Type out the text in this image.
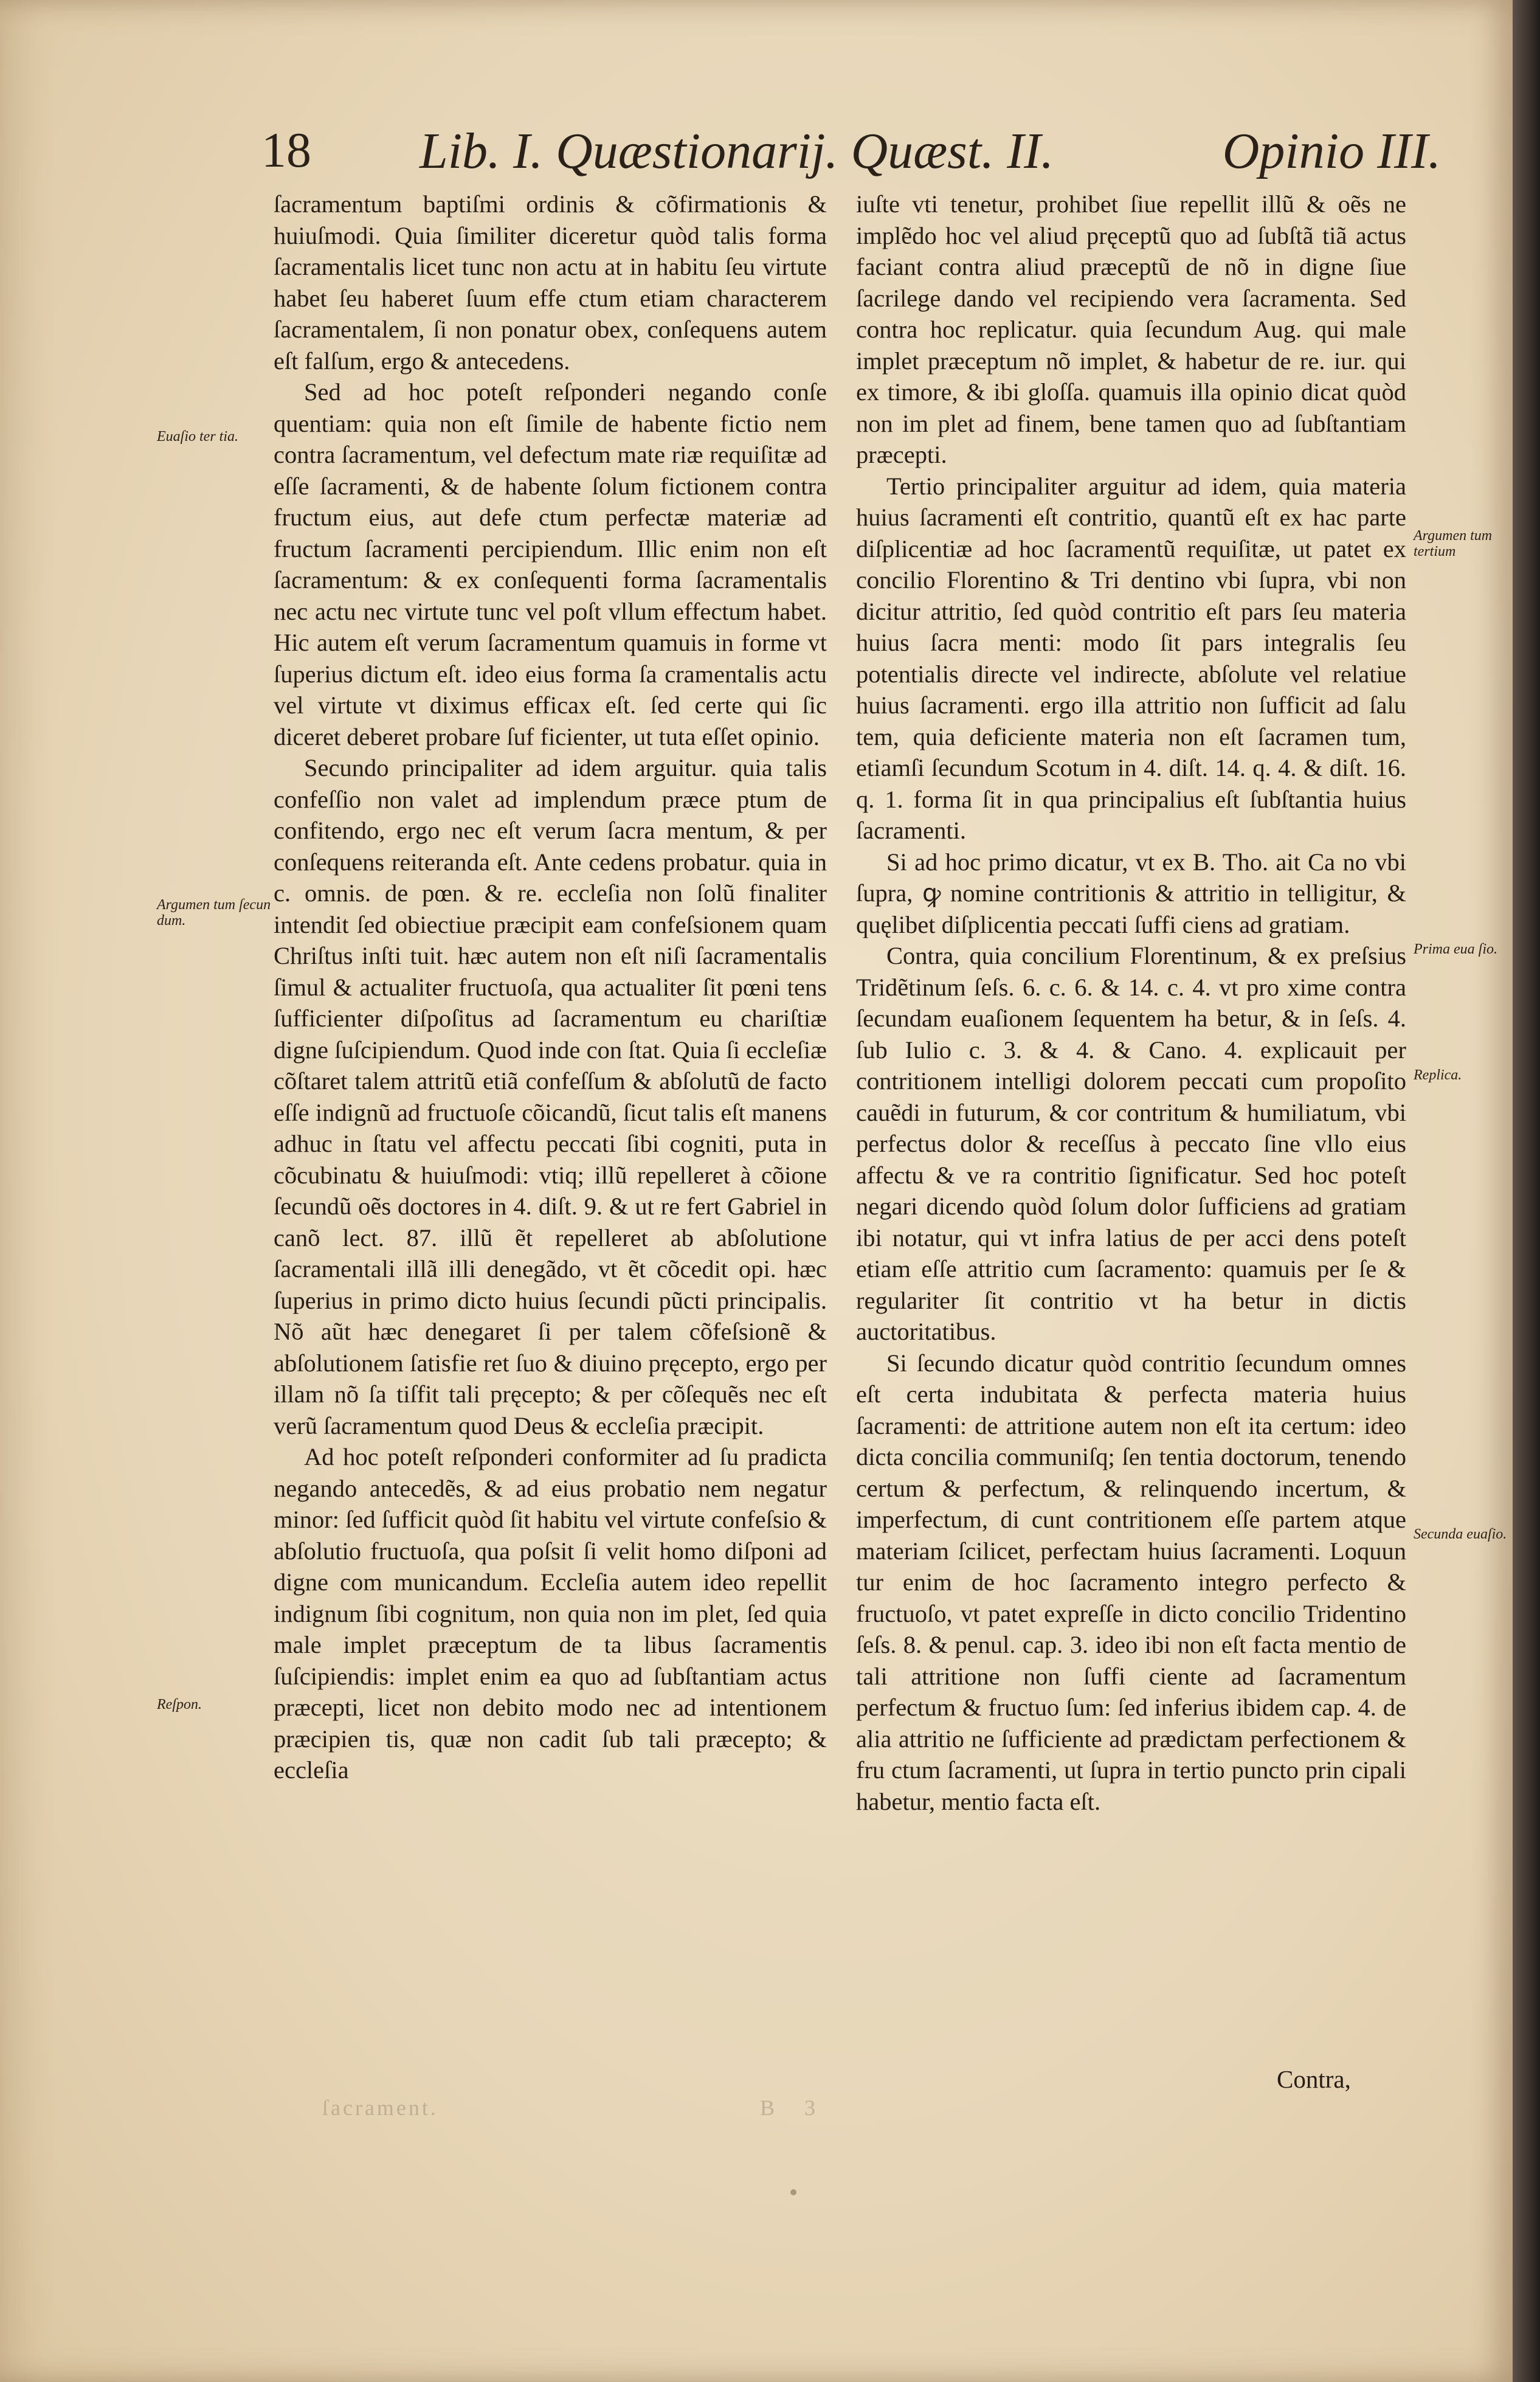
18 Lib. I. Quæstionarij. Quæst. II.	Opinio III.

ſacramentum baptiſmi ordinis & cõfirmationis & huiuſmodi. Quia ſimiliter diceretur quòd talis forma ſacramentalis licet tunc non actu at in habitu ſeu virtute habet ſeu haberet ſuum effe ctum etiam characterem ſacramentalem, ſi non ponatur obex, conſequens autem eſt falſum, ergo & antecedens.

Sed ad hoc poteſt reſponderi negando conſe quentiam: quia non eſt ſimile de habente fictio nem contra ſacramentum, vel defectum mate riæ requiſitæ ad eſſe ſacramenti, & de habente ſolum fictionem contra fructum eius, aut defe ctum perfectæ materiæ ad fructum ſacramenti percipiendum. Illic enim non eſt ſacramentum: & ex conſequenti forma ſacramentalis nec actu nec virtute tunc vel poſt vllum effectum habet. Hic autem eſt verum ſacramentum quamuis in forme vt ſuperius dictum eſt. ideo eius forma ſa cramentalis actu vel virtute vt diximus efficax eſt. ſed certe qui ſic diceret deberet probare ſuf ficienter, ut tuta eſſet opinio.

Secundo principaliter ad idem arguitur. quia talis confeſſio non valet ad implendum præce ptum de confitendo, ergo nec eſt verum ſacra mentum, & per conſequens reiteranda eſt. Ante cedens probatur. quia in c. omnis. de pœn. & re. eccleſia non ſolũ finaliter intendit ſed obiectiue præcipit eam confeſsionem quam Chriſtus inſti tuit. hæc autem non eſt niſi ſacramentalis ſimul & actualiter fructuoſa, qua actualiter ſit pœni tens ſufficienter diſpoſitus ad ſacramentum eu chariſtiæ digne ſuſcipiendum. Quod inde con ſtat. Quia ſi eccleſiæ cõſtaret talem attritũ etiã confeſſum & abſolutũ de facto eſſe indignũ ad fructuoſe cõicandũ, ſicut talis eſt manens adhuc in ſtatu vel affectu peccati ſibi cogniti, puta in cõcubinatu & huiuſmodi: vtiq; illũ repelleret à cõione ſecundũ oẽs doctores in 4. diſt. 9. & ut re fert Gabriel in canõ lect. 87. illũ ẽt repelleret ab abſolutione ſacramentali illã illi denegãdo, vt ẽt cõcedit opi. hæc ſuperius in primo dicto huius ſecundi pũcti principalis. Nõ aũt hæc denegaret ſi per talem cõfeſsionẽ & abſolutionem ſatisfie ret ſuo & diuino pręcepto, ergo per illam nõ ſa tiſfit tali pręcepto; & per cõſequẽs nec eſt verũ ſacramentum quod Deus & eccleſia præcipit.

Ad hoc poteſt reſponderi conformiter ad ſu pradicta negando antecedẽs, & ad eius probatio nem negatur minor: ſed ſufficit quòd ſit habitu vel virtute confeſsio & abſolutio fructuoſa, qua poſsit ſi velit homo diſponi ad digne com municandum. Eccleſia autem ideo repellit indignum ſibi cognitum, non quia non im plet, ſed quia male implet præceptum de ta libus ſacramentis ſuſcipiendis: implet enim ea quo ad ſubſtantiam actus præcepti, licet non debito modo nec ad intentionem præcipien tis, quæ non cadit ſub tali præcepto; & eccleſia

iuſte vti tenetur, prohibet ſiue repellit illũ & oẽs ne implẽdo hoc vel aliud pręceptũ quo ad ſubſtã tiã actus faciant contra aliud præceptũ de nõ in digne ſiue ſacrilege dando vel recipiendo vera ſacramenta. Sed contra hoc replicatur. quia ſecundum Aug. qui male implet præceptum nõ implet, & habetur de re. iur. qui ex timore, & ibi gloſſa. quamuis illa opinio dicat quòd non im plet ad finem, bene tamen quo ad ſubſtantiam præcepti.

Tertio principaliter arguitur ad idem, quia materia huius ſacramenti eſt contritio, quantũ eſt ex hac parte diſplicentiæ ad hoc ſacramentũ requiſitæ, ut patet ex concilio Florentino & Tri dentino vbi ſupra, vbi non dicitur attritio, ſed quòd contritio eſt pars ſeu materia huius ſacra menti: modo ſit pars integralis ſeu potentialis directe vel indirecte, abſolute vel relatiue huius ſacramenti. ergo illa attritio non ſufficit ad ſalu tem, quia deficiente materia non eſt ſacramen tum, etiamſi ſecundum Scotum in 4. diſt. 14. q. 4. & diſt. 16. q. 1. forma ſit in qua principalius eſt ſubſtantia huius ſacramenti.

Si ad hoc primo dicatur, vt ex B. Tho. ait Ca no vbi ſupra, ꝙ nomine contritionis & attritio in telligitur, & quęlibet diſplicentia peccati ſuffi ciens ad gratiam.

Contra, quia concilium Florentinum, & ex preſsius Tridẽtinum ſeſs. 6. c. 6. & 14. c. 4. vt pro xime contra ſecundam euaſionem ſequentem ha betur, & in ſeſs. 4. ſub Iulio c. 3. & 4. & Cano. 4. explicauit per contritionem intelligi dolorem peccati cum propoſito cauẽdi in futurum, & cor contritum & humiliatum, vbi perfectus dolor & receſſus à peccato ſine vllo eius affectu & ve ra contritio ſignificatur. Sed hoc poteſt negari dicendo quòd ſolum dolor ſufficiens ad gratiam ibi notatur, qui vt infra latius de per acci dens poteſt etiam eſſe attritio cum ſacramento: quamuis per ſe & regulariter ſit contritio vt ha betur in dictis auctoritatibus.

Si ſecundo dicatur quòd contritio ſecundum omnes eſt certa indubitata & perfecta materia huius ſacramenti: de attritione autem non eſt ita certum: ideo dicta concilia communiſq; ſen tentia doctorum, tenendo certum & perfectum, & relinquendo incertum, & imperfectum, di cunt contritionem eſſe partem atque materiam ſcilicet, perfectam huius ſacramenti. Loquun tur enim de hoc ſacramento integro perfecto & fructuoſo, vt patet expreſſe in dicto concilio Tridentino ſeſs. 8. & penul. cap. 3. ideo ibi non eſt facta mentio de tali attritione non ſuffi ciente ad ſacramentum perfectum & fructuo ſum: ſed inferius ibidem cap. 4. de alia attritio ne ſufficiente ad prædictam perfectionem & fru ctum ſacramenti, ut ſupra in tertio puncto prin cipali habetur, mentio facta eſt.

Euaſio ter tia.
Argumen tum ſecun dum.
Reſpon.
Argumen tum tertium
Prima eua ſio.
Replica.
Secunda euaſio.
Contra,
ſacrament.	B 3
